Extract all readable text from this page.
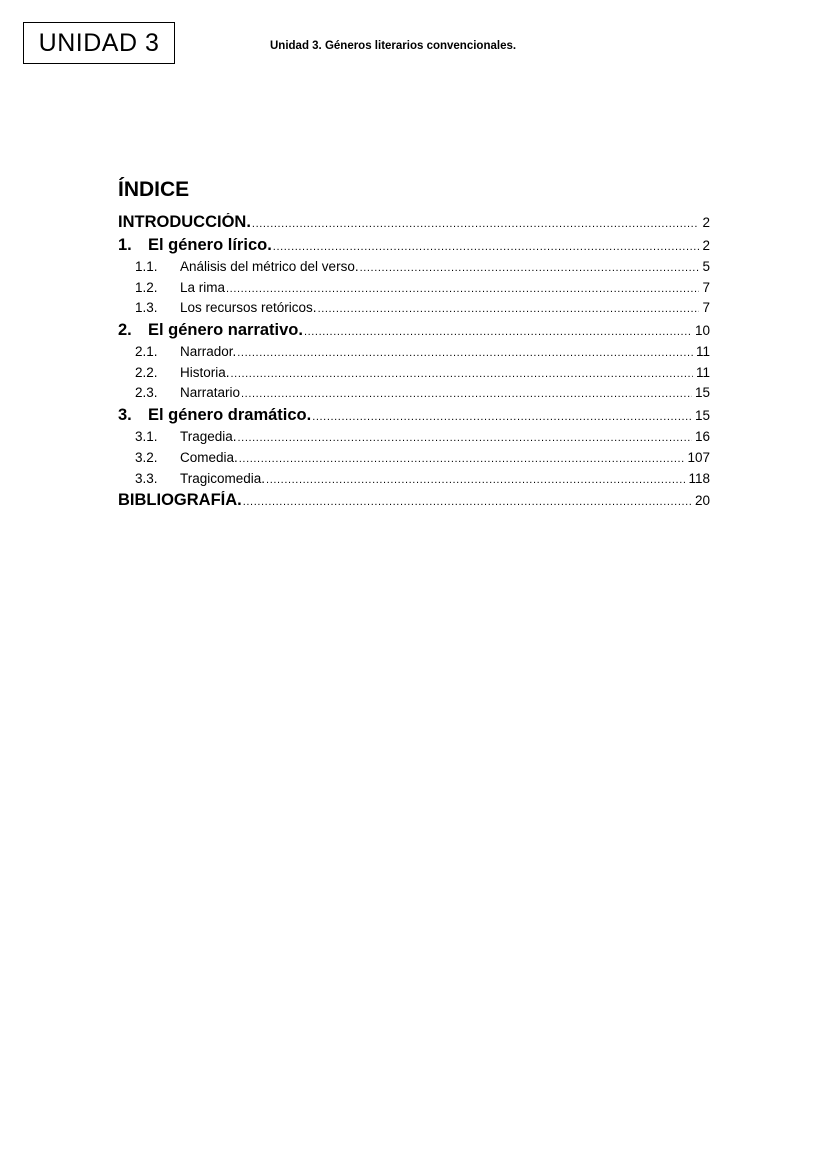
UNIDAD 3	Unidad 3. Géneros literarios convencionales.
ÍNDICE
INTRODUCCIÓN. .....	2
1. El género lírico. .....	2
1.1.	Análisis del métrico del verso. .....	5
1.2.	La rima .....	7
1.3.	Los recursos retóricos. .....	7
2. El género narrativo. .....	10
2.1.	Narrador. .....	11
2.2.	Historia. .....	11
2.3.	Narratario .....	15
3. El género dramático. .....	15
3.1.	Tragedia. .....	16
3.2.	Comedia. .....	107
3.3.	Tragicomedia. .....	118
BIBLIOGRAFÍA. .....	20
